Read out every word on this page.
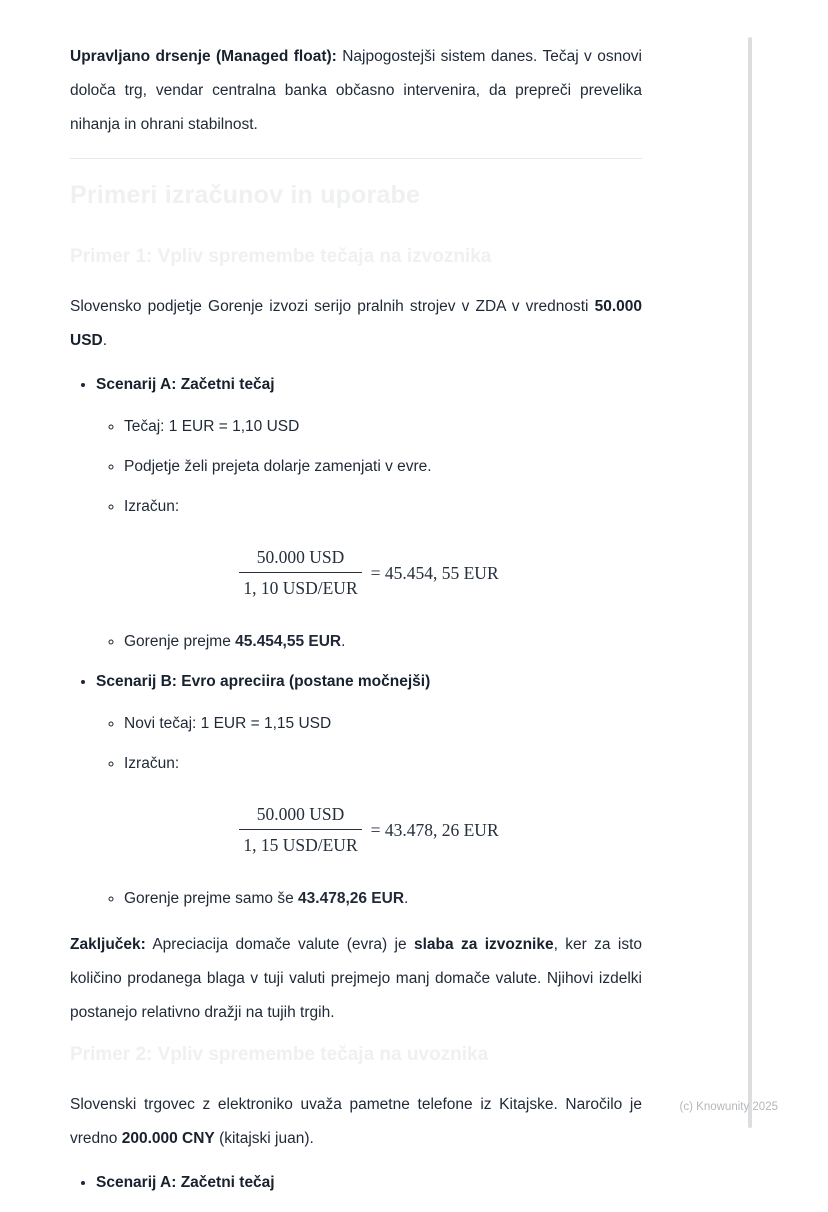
Upravljano drsenje (Managed float): Najpogostejši sistem danes. Tečaj v osnovi določa trg, vendar centralna banka občasno intervenira, da prepreči prevelika nihanja in ohrani stabilnost.

Primeri izračunov in uporabe
Primer 1: Vpliv spremembe tečaja na izvoznika

Slovensko podjetje Gorenje izvozi serijo pralnih strojev v ZDA v vrednosti 50.000 USD.

• Scenarij A: Začetni tečaj
◦ Tečaj: 1 EUR = 1,10 USD
◦ Podjetje želi prejeta dolarje zamenjati v evre.
◦ Izračun:
$\frac{\text{50.000 USD}}{\text{1, 10 USD/EUR}} = 45.454$, 55 EUR
◦ Gorenje prejme 45.454,55 EUR.
• Scenarij B: Evro apreciira (postane močnejši)
◦ Novi tečaj: 1 EUR = 1,15 USD
◦ Izračun:
$\frac{\text{50.000 USD}}{\text{1, 15 USD/EUR}} = 43.478$, 26 EUR
◦ Gorenje prejme samo še 43.478,26 EUR.

Zaključek: Apreciacija domače valute (evra) je slaba za izvoznike, ker za isto količino prodanega blaga v tuji valuti prejmejo manj domače valute. Njihovi izdelki postanejo relativno dražji na tujih trgih.

Primer 2: Vpliv spremembe tečaja na uvoznika

Slovenski trgovec z elektroniko uvaža pametne telefone iz Kitajske. Naročilo je vredno 200.000 CNY (kitajski juan).

• Scenarij A: Začetni tečaj
(c) Knowunity 2025
